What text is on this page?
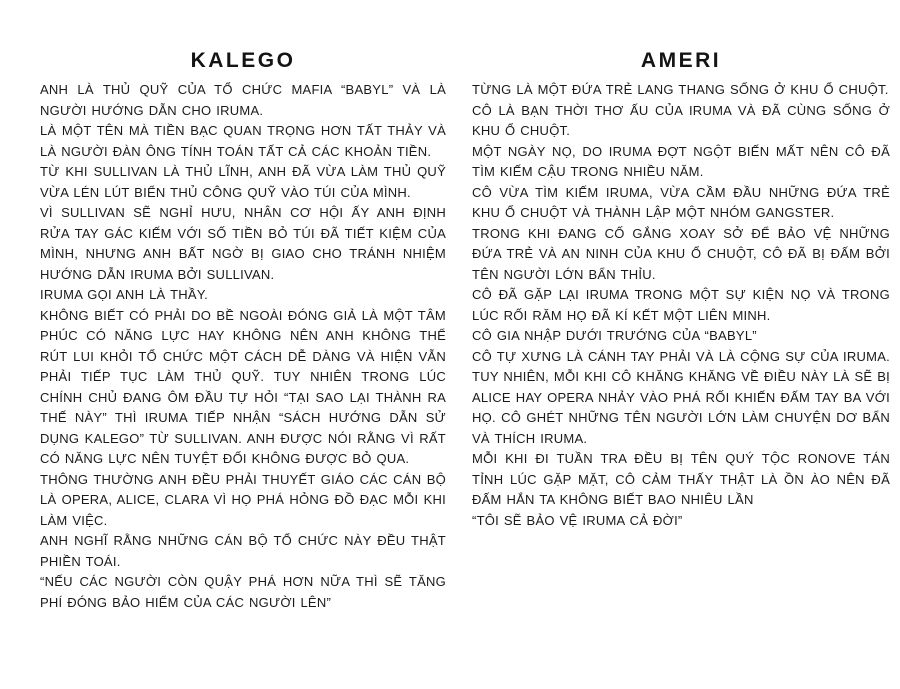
KALEGO

ANH LÀ THỦ QUỸ CỦA TỔ CHỨC MAFIA “BABYL” VÀ LÀ NGƯỜI HƯỚNG DẪN CHO IRUMA.

LÀ MỘT TÊN MÀ TIỀN BẠC QUAN TRỌNG HƠN TẤT THẢY VÀ LÀ NGƯỜI ĐÀN ÔNG TÍNH TOÁN TẤT CẢ CÁC KHOẢN TIỀN.

TỪ KHI SULLIVAN LÀ THỦ LĨNH, ANH ĐÃ VỪA LÀM THỦ QUỸ VỪA LÉN LÚT BIỂN THỦ CÔNG QUỸ VÀO TÚI CỦA MÌNH.

VÌ SULLIVAN SẼ NGHỈ HƯU, NHÂN CƠ HỘI ẤY ANH ĐỊNH RỬA TAY GÁC KIẾM VỚI SỐ TIỀN BỎ TÚI ĐÃ TIẾT KIỆM CỦA MÌNH, NHƯNG ANH BẤT NGỜ BỊ GIAO CHO TRÁNH NHIỆM HƯỚNG DẪN IRUMA BỞI SULLIVAN.

IRUMA GỌI ANH LÀ THẦY.

KHÔNG BIẾT CÓ PHẢI DO BỀ NGOÀI ĐÓNG GIẢ LÀ MỘT TÂM PHÚC CÓ NĂNG LỰC HAY KHÔNG NÊN ANH KHÔNG THỂ RÚT LUI KHỎI TỔ CHỨC MỘT CÁCH DỄ DÀNG VÀ HIỆN VẪN PHẢI TIẾP TỤC LÀM THỦ QUỸ. TUY NHIÊN TRONG LÚC CHÍNH CHỦ ĐANG ÔM ĐẦU TỰ HỎI “TẠI SAO LẠI THÀNH RA THẾ NÀY” THÌ IRUMA TIẾP NHẬN “SÁCH HƯỚNG DẪN SỬ DỤNG KALEGO” TỪ SULLIVAN. ANH ĐƯỢC NÓI RẰNG VÌ RẤT CÓ NĂNG LỰC NÊN TUYỆT ĐỐI KHÔNG ĐƯỢC BỎ QUA.

THÔNG THƯỜNG ANH ĐỀU PHẢI THUYẾT GIÁO CÁC CÁN BỘ LÀ OPERA, ALICE, CLARA VÌ HỌ PHÁ HỎNG ĐỒ ĐẠC MỖI KHI LÀM VIỆC.

ANH NGHĨ RẰNG NHỮNG CÁN BỘ TỔ CHỨC NÀY ĐỀU THẬT PHIỀN TOÁI.

“NẾU CÁC NGƯỜI CÒN QUẬY PHÁ HƠN NỮA THÌ SẼ TĂNG PHÍ ĐÓNG BẢO HIỂM CỦA CÁC NGƯỜI LÊN”

AMERI

TỪNG LÀ MỘT ĐỨA TRẺ LANG THANG SỐNG Ở KHU Ổ CHUỘT.

CÔ LÀ BẠN THỜI THƠ ẤU CỦA IRUMA VÀ ĐÃ CÙNG SỐNG Ở KHU Ổ CHUỘT.

MỘT NGÀY NỌ, DO IRUMA ĐỢT NGỘT BIẾN MẤT NÊN CÔ ĐÃ TÌM KIẾM CẬU TRONG NHIỀU NĂM.

CÔ VỪA TÌM KIẾM IRUMA, VỪA CẦM ĐẦU NHỮNG ĐỨA TRẺ KHU Ổ CHUỘT VÀ THÀNH LẬP MỘT NHÓM GANGSTER.

TRONG KHI ĐANG CỐ GẮNG XOAY SỞ ĐỂ BẢO VỆ NHỮNG ĐỨA TRẺ VÀ AN NINH CỦA KHU Ổ CHUỘT, CÔ ĐÃ BỊ ĐẤM BỞI TÊN NGƯỜI LỚN BẨN THỈU.

CÔ ĐÃ GẶP LẠI IRUMA TRONG MỘT SỰ KIỆN NỌ VÀ TRONG LÚC RỐI RĂM HỌ ĐÃ KÍ KẾT MỘT LIÊN MINH.

CÔ GIA NHẬP DƯỚI TRƯỚNG CỦA “BABYL”

CÔ TỰ XƯNG LÀ CÁNH TAY PHẢI VÀ LÀ CỘNG SỰ CỦA IRUMA. TUY NHIÊN, MỖI KHI CÔ KHĂNG KHĂNG VỀ ĐIỀU NÀY LÀ SẼ BỊ ALICE HAY OPERA NHẢY VÀO PHÁ RỐI KHIẾN ĐẤM TAY BA VỚI HỌ. CÔ GHÉT NHỮNG TÊN NGƯỜI LỚN LÀM CHUYỆN DƠ BẨN VÀ THÍCH IRUMA.

MỖI KHI ĐI TUẦN TRA ĐỀU BỊ TÊN QUÝ TỘC RONOVE TÁN TỈNH LÚC GẶP MẶT, CÔ CẢM THẤY THẬT LÀ ỒN ÀO NÊN ĐÃ ĐẤM HẮN TA KHÔNG BIẾT BAO NHIÊU LẦN

“TÔI SẼ BẢO VỆ IRUMA CẢ ĐỜI”
